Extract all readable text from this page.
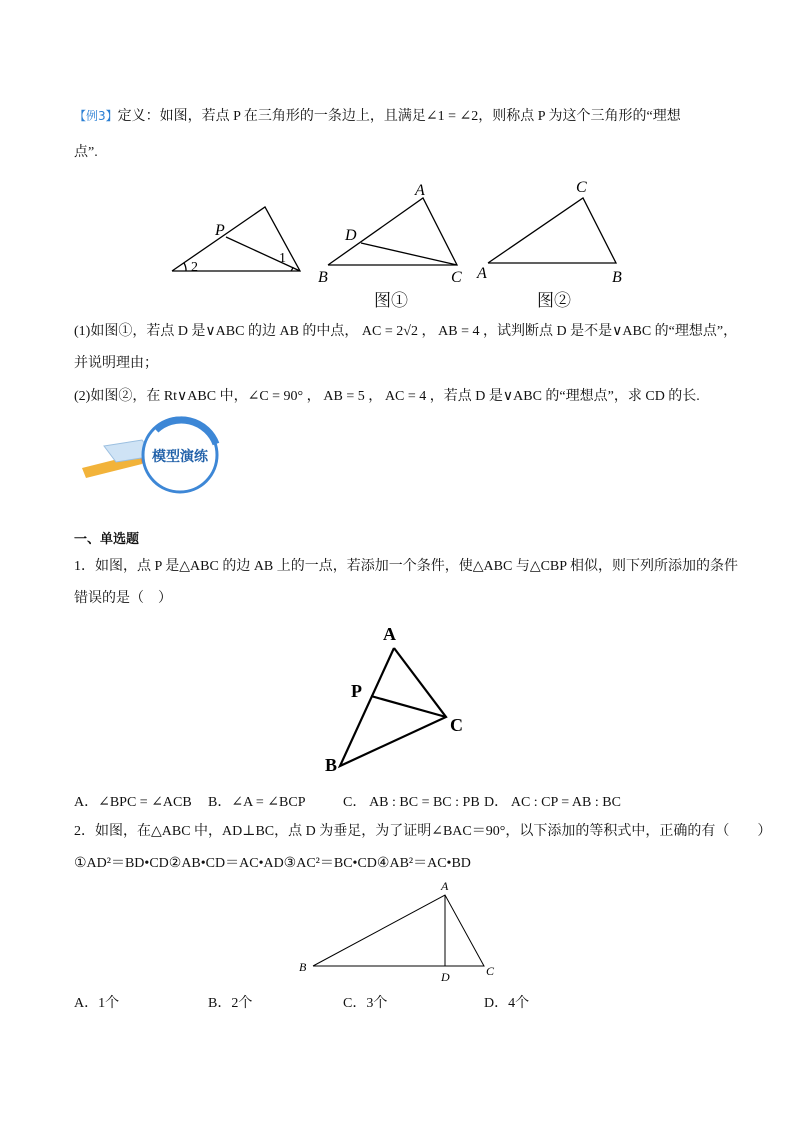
【例3】定义：如图，若点 P 在三角形的一条边上，且满足∠1 = ∠2，则称点 P 为这个三角形的“理想
点”.
P
2
1
A
D
B	C
C
A	B
图①	图②
(1)如图①，若点 D 是∨ABC 的边 AB 的中点， AC = 2√2 ， AB = 4 ，试判断点 D 是不是∨ABC 的“理想点”，
并说明理由；
(2)如图②，在 Rt∨ABC 中，∠C = 90° ， AB = 5 ， AC = 4 ，若点 D 是∨ABC 的“理想点”，求 CD 的长.
模型演练
一、单选题
1．如图，点 P 是△ABC 的边 AB 上的一点，若添加一个条件，使△ABC 与△CBP 相似，则下列所添加的条件
错误的是（　）
A
P
C
B
A．∠BPC = ∠ACB B．∠A = ∠BCP	C． AB : BC = BC : PB D． AC : CP = AB : BC
2．如图，在△ABC 中，AD⊥BC，点 D 为垂足，为了证明∠BAC＝90°，以下添加的等积式中，正确的有（　　）
①AD²＝BD•CD②AB•CD＝AC•AD③AC²＝BC•CD④AB²＝AC•BD
A
B
D	C
A．1个	B．2个	C．3个	D．4个
